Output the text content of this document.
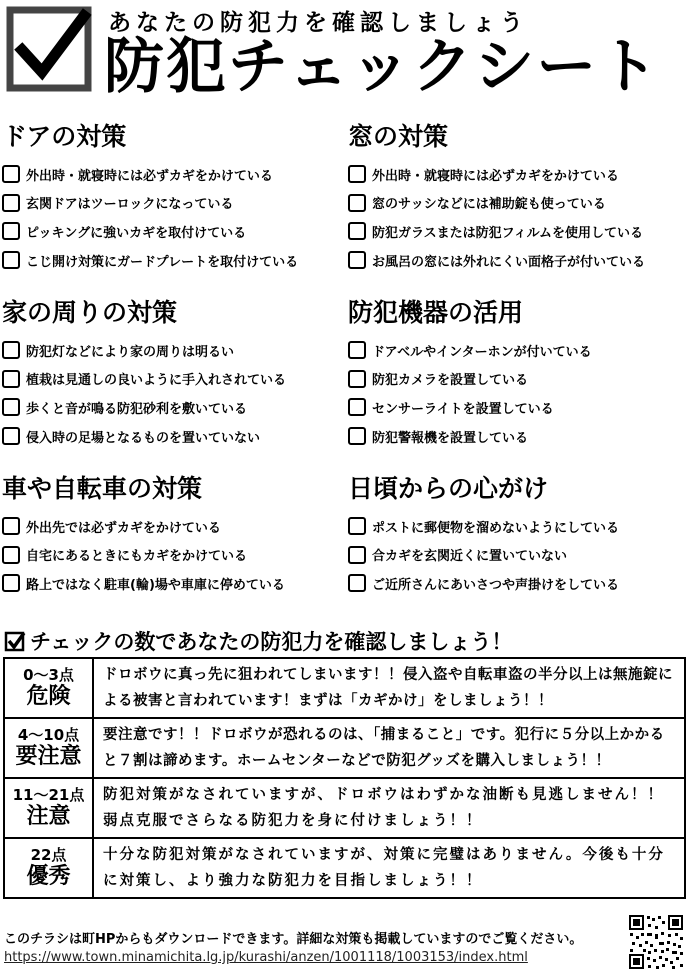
あなたの防犯力を確認しましょう
防犯チェックシート
ドアの対策
外出時・就寝時には必ずカギをかけている
玄関ドアはツーロックになっている
ピッキングに強いカギを取付けている
こじ開け対策にガードプレートを取付けている
窓の対策
外出時・就寝時には必ずカギをかけている
窓のサッシなどには補助錠も使っている
防犯ガラスまたは防犯フィルムを使用している
お風呂の窓には外れにくい面格子が付いている
家の周りの対策
防犯灯などにより家の周りは明るい
植栽は見通しの良いように手入れされている
歩くと音が鳴る防犯砂利を敷いている
侵入時の足場となるものを置いていない
防犯機器の活用
ドアベルやインターホンが付いている
防犯カメラを設置している
センサーライトを設置している
防犯警報機を設置している
車や自転車の対策
外出先では必ずカギをかけている
自宅にあるときにもカギをかけている
路上ではなく駐車(輪)場や車庫に停めている
日頃からの心がけ
ポストに郵便物を溜めないようにしている
合カギを玄関近くに置いていない
ご近所さんにあいさつや声掛けをしている
チェックの数であなたの防犯力を確認しましょう！
0～3点
危険	ドロボウに真っ先に狙われてしまいます！！侵入盗や自転車盗の半分以上は無施錠による被害と言われています！まずは「カギかけ」をしましょう！！

4～10点
要注意	要注意です！！ドロボウが恐れるのは、「捕まること」です。犯行に５分以上かかると７割は諦めます。ホームセンターなどで防犯グッズを購入しましょう！！

11～21点
注意	防犯対策がなされていますが、ドロボウはわずかな油断も見逃しません！！弱点克服でさらなる防犯力を身に付けましょう！！

22点
優秀	十分な防犯対策がなされていますが、対策に完璧はありません。今後も十分に対策し、より強力な防犯力を目指しましょう！！
このチラシは町HPからもダウンロードできます。詳細な対策も掲載していますのでご覧ください。
https://www.town.minamichita.lg.jp/kurashi/anzen/1001118/1003153/index.html
